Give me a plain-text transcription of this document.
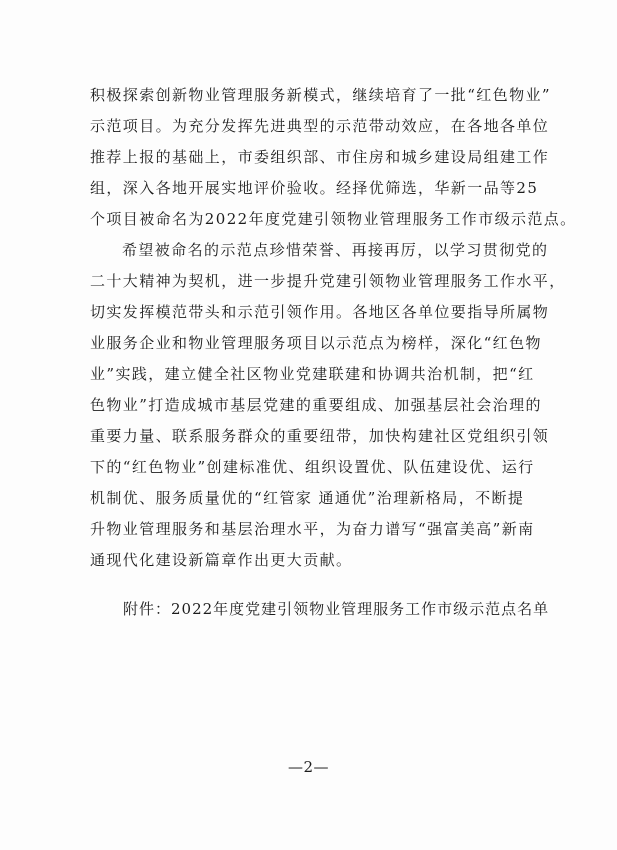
积极探索创新物业管理服务新模式，继续培育了一批“红色物业”
示范项目。为充分发挥先进典型的示范带动效应，在各地各单位
推荐上报的基础上，市委组织部、市住房和城乡建设局组建工作
组，深入各地开展实地评价验收。经择优筛选，华新一品等25
个项目被命名为2022年度党建引领物业管理服务工作市级示范点。
希望被命名的示范点珍惜荣誉、再接再厉，以学习贯彻党的
二十大精神为契机，进一步提升党建引领物业管理服务工作水平，
切实发挥模范带头和示范引领作用。各地区各单位要指导所属物
业服务企业和物业管理服务项目以示范点为榜样，深化“红色物
业”实践，建立健全社区物业党建联建和协调共治机制，把“红
色物业”打造成城市基层党建的重要组成、加强基层社会治理的
重要力量、联系服务群众的重要纽带，加快构建社区党组织引领
下的“红色物业”创建标准优、组织设置优、队伍建设优、运行
机制优、服务质量优的“红管家 通通优”治理新格局，不断提
升物业管理服务和基层治理水平，为奋力谱写“强富美高”新南
通现代化建设新篇章作出更大贡献。
附件：2022年度党建引领物业管理服务工作市级示范点名单
—2—
